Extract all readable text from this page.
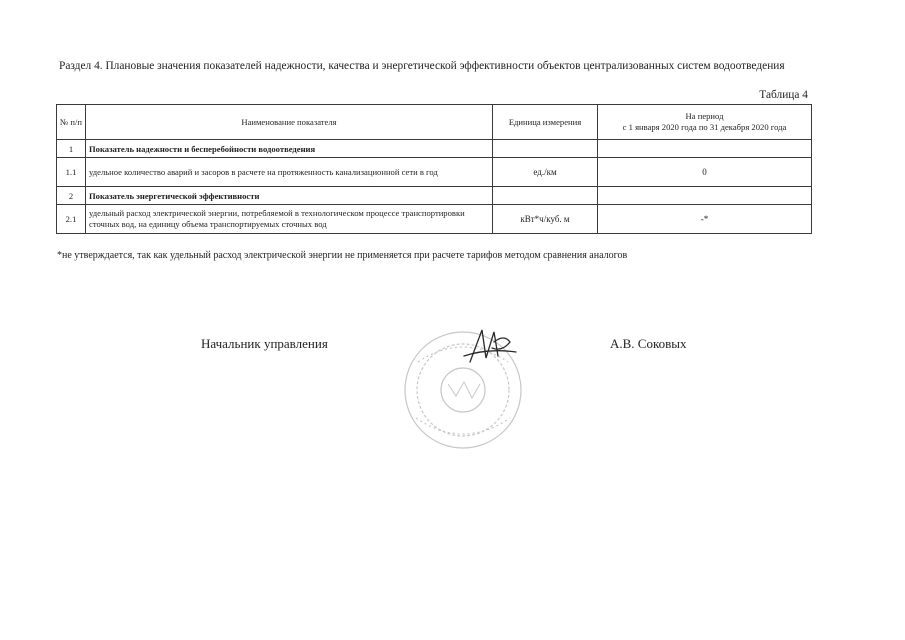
Раздел 4. Плановые значения показателей надежности, качества и энергетической эффективности объектов централизованных систем водоотведения
Таблица 4
№ п/п	Наименование показателя	Единица измерения	На период
с 1 января 2020 года по 31 декабря 2020 года
1	Показатель надежности и бесперебойности водоотведения		
1.1	удельное количество аварий и засоров в расчете на протяженность канализационной сети в год	ед./км	0
2	Показатель энергетической эффективности		
2.1	удельный расход электрической энергии, потребляемой в технологическом процессе транспортировки сточных вод, на единицу объема транспортируемых сточных вод	кВт*ч/куб. м	-*
*не утверждается, так как удельный расход электрической энергии не применяется при расчете тарифов методом сравнения аналогов
Начальник управления	А.В. Соковых
